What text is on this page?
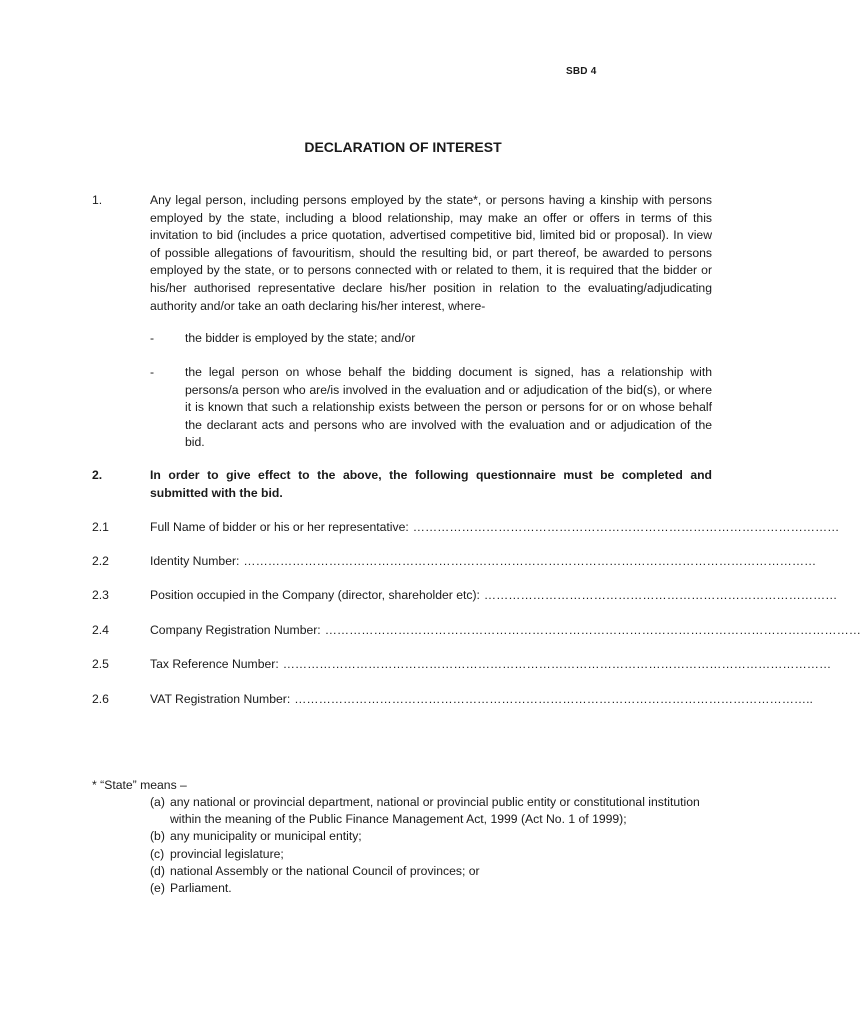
SBD 4
DECLARATION OF INTEREST
1.	Any legal person, including persons employed by the state*, or persons having a kinship with persons employed by the state, including a blood relationship, may make an offer or offers in terms of this invitation to bid (includes a price quotation, advertised competitive bid, limited bid or proposal). In view of possible allegations of favouritism, should the resulting bid, or part thereof, be awarded to persons employed by the state, or to persons connected with or related to them, it is required that the bidder or his/her authorised representative declare his/her position in relation to the evaluating/adjudicating authority and/or take an oath declaring his/her interest, where-
-	the bidder is employed by the state; and/or
-	the legal person on whose behalf the bidding document is signed, has a relationship with persons/a person who are/is involved in the evaluation and or adjudication of the bid(s), or where it is known that such a relationship exists between the person or persons for or on whose behalf the declarant acts and persons who are involved with the evaluation and or adjudication of the bid.
2.	In order to give effect to the above, the following questionnaire must be completed and submitted with the bid.
2.1	Full Name of bidder or his or her representative: ……………………………………………………………………………………………
2.2	Identity Number: ……………………………………………………………………………………………………………………………
2.3	Position occupied in the Company (director, shareholder etc): ……………………………………………………………………………
2.4	Company Registration Number: ……………………………………………………………………………………………………………………
2.5	Tax Reference Number: ………………………………………………………………………………………………………………………
2.6	VAT Registration Number: ………………………………………………………………………………………………………………..
* “State” means –
(a) any national or provincial department, national or provincial public entity or constitutional institution within the meaning of the Public Finance Management Act, 1999 (Act No. 1 of 1999);
(b) any municipality or municipal entity;
(c) provincial legislature;
(d) national Assembly or the national Council of provinces; or
(e) Parliament.
